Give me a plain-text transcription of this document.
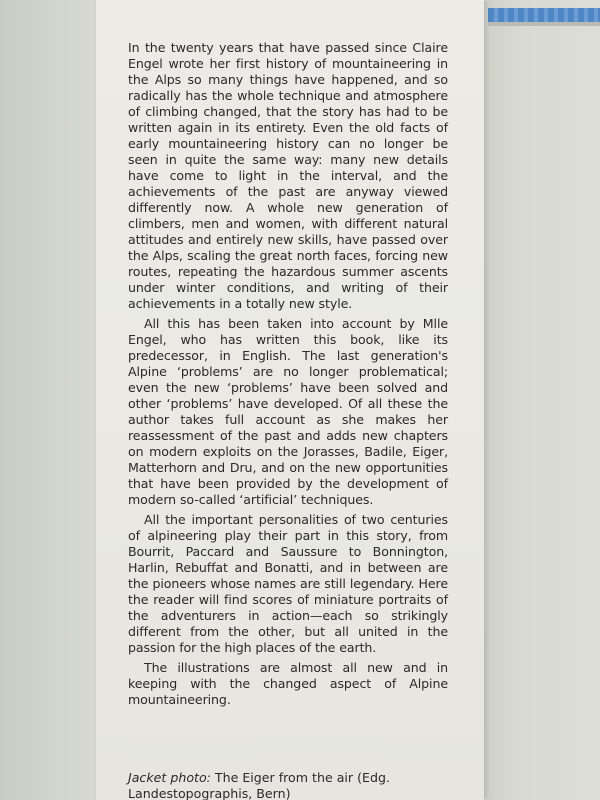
In the twenty years that have passed since Claire Engel wrote her first history of mountaineering in the Alps so many things have happened, and so radically has the whole technique and atmosphere of climbing changed, that the story has had to be written again in its entirety. Even the old facts of early mountaineering history can no longer be seen in quite the same way: many new details have come to light in the interval, and the achievements of the past are anyway viewed differently now. A whole new generation of climbers, men and women, with different natural attitudes and entirely new skills, have passed over the Alps, scaling the great north faces, forcing new routes, repeating the hazardous summer ascents under winter conditions, and writing of their achievements in a totally new style.

All this has been taken into account by Mlle Engel, who has written this book, like its predecessor, in English. The last generation's Alpine ‘problems’ are no longer problematical; even the new ‘problems’ have been solved and other ‘problems’ have developed. Of all these the author takes full account as she makes her reassessment of the past and adds new chapters on modern exploits on the Jorasses, Badile, Eiger, Matterhorn and Dru, and on the new opportunities that have been provided by the development of modern so-called ‘artificial’ techniques.

All the important personalities of two centuries of alpineering play their part in this story, from Bourrit, Paccard and Saussure to Bonnington, Harlin, Rebuffat and Bonatti, and in between are the pioneers whose names are still legendary. Here the reader will find scores of miniature portraits of the adventurers in action—each so strikingly different from the other, but all united in the passion for the high places of the earth.

The illustrations are almost all new and in keeping with the changed aspect of Alpine mountaineering.

Jacket photo: The Eiger from the air (Edg. Landestopographis, Bern)
